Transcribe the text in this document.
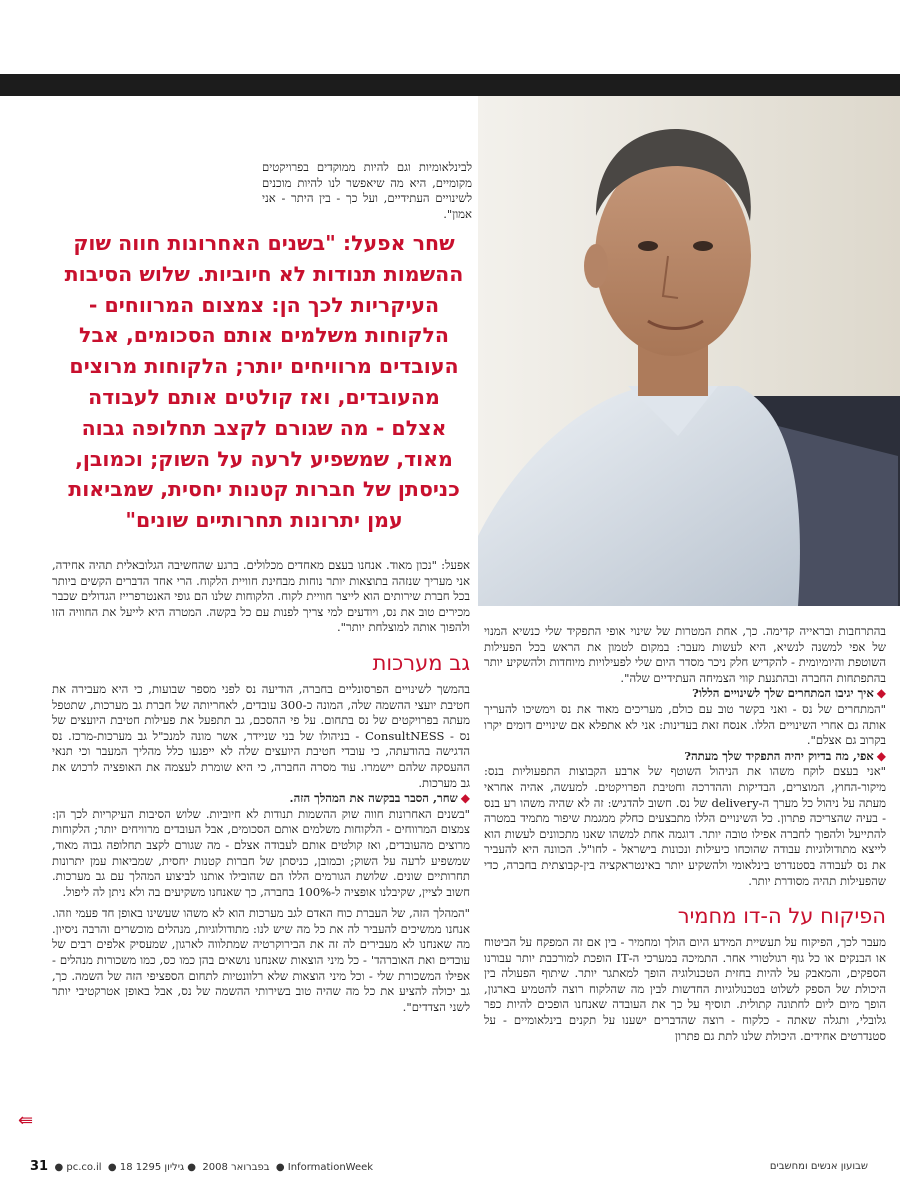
לבינלאומיות וגם להיות ממוקדים בפרויקטים מקומיים, היא מה שיאפשר לנו להיות מוכנים לשינויים העתידיים, ועל כך - בין היתר - אני אמון".

שחר אפעל: "בשנים האחרונות חווה שוק ההשמות תנודות לא חיוביות. שלוש הסיבות העיקריות לכך הן: צמצום המרווחים - הלקוחות משלמים אותם הסכומים, אבל העובדים מרוויחים יותר; הלקוחות מרוצים מהעובדים, ואז קולטים אותם לעבודה אצלם - מה שגורם לקצב תחלופה גבוה מאוד, שמשפיע לרעה על השוק; וכמובן, כניסתן של חברות קטנות יחסית, שמביאות עמן יתרונות תחרותיים שונים"

אפעל: "נכון מאוד. אנחנו בעצם מאחדים מכלולים. ברגע שהחשיבה הגלובאלית תהיה אחידה, אני מעריך שנזהה בתוצאות יותר נוחות מבחינת חוויית הלקוח. הרי אחד הדברים הקשים ביותר בכל חברת שירותים הוא לייצר חוויית לקוח. הלקוחות שלנו הם גופי האנטרפרייז הגדולים שכבר מכירים טוב את נס, ויודעים למי צריך לפנות עם כל בקשה. המטרה היא לייעל את החוויה הזו ולהפוך אותה למוצלחת יותר".

גב מערכות

בהמשך לשינויים הפרסונליים בחברה, הודיעה נס לפני מספר שבועות, כי היא מעבירה את חטיבת יועצי ההשמה שלה, המונה כ-300 עובדים, לאחריותה של חברת גב מערכות, שתטפל מעתה בפרויקטים של נס בתחום. על פי ההסכם, גב תתפעל את פעילות חטיבת היועצים של נס - ConsultNESS - בניהולו של בני שניידר, אשר מונה למנכ"ל גב מערכות-מרכז. נס הדגישה בהודעתה, כי עובדי חטיבת היועצים שלה לא ייפגעו כלל מהליך המעבר וכי תנאי ההעסקה שלהם יישמרו. עוד מסרה החברה, כי היא שומרת לעצמה את האופציה לרכוש את גב מערכות.

◆שחר, הסבר בבקשה את המהלך הזה.

"בשנים האחרונות חווה שוק ההשמות תנודות לא חיוביות. שלוש הסיבות העיקריות לכך הן: צמצום המרווחים - הלקוחות משלמים אותם הסכומים, אבל העובדים מרוויחים יותר; הלקוחות מרוצים מהעובדים, ואז קולטים אותם לעבודה אצלם - מה שגורם לקצב תחלופה גבוה מאוד, שמשפיע לרעה על השוק; וכמובן, כניסתן של חברות קטנות יחסית, שמביאות עמן יתרונות תחרותיים שונים. שלושת הגורמים הללו הם שהובילו אותנו לביצוע המהלך עם גב מערכות. חשוב לציין, שקיבלנו אופציה ל-100% בחברה, כך שאנחנו משקיעים בה ולא ניתן לה ליפול.

"המהלך הזה, של העברת כוח האדם לגב מערכות הוא לא משהו שעשינו באופן חד פעמי וזהו. אנחנו ממשיכים להעביר לה את כל מה שיש לנו: מתודולוגיות, מנהלים מוכשרים והרבה ניסיון. מה שאנחנו לא מעבירים לה זה את הבירוקרטיה שמתלווה לארגון, שמעסיק אלפים רבים של עובדים ואת האוברהד' - כל מיני הוצאות שאנחנו נושאים בהן כמו כס, כמו משכורות מנהלים - אפילו המשכורת שלי - וכל מיני הוצאות שלא רלוונטיות לתחום הספציפי הזה של השמה. כך, גב יכולה להציע את כל מה שהיה טוב בשירותי ההשמה של נס, אבל באופן אטרקטיבי יותר לשני הצדדים".

בהתרחבות ובראייה קדימה. כך, אחת המטרות של שינוי אופי התפקיד שלי כנשיא המנוי של אפי למשנה לנשיא, היא לעשות מעבר: במקום לטמון את הראש בכל הפעילות השוטפת והיומיומית - להקדיש חלק ניכר מסדר היום שלי לפעילויות מיוחדות ולהשקיע יותר בהתפתחות החברה ובהתנעת קווי הצמיחה העתידיים שלה".

◆איך יגיבו המתחרים שלך לשינויים הללו?

"המתחרים של נס - ואני בקשר טוב עם כולם, מעריכים מאוד את נס וימשיכו להעריך אותה גם אחרי השינויים הללו. אנסח זאת בעדינות: אני לא אתפלא אם שינויים דומים יקרו בקרוב גם אצלם".

◆אפי, מה בדיוק יהיה התפקיד שלך מעתה?

"אני בעצם לוקח משהו את הניהול השוטף של ארבע הקבוצות התפעוליות בנס: מיקור-החוץ, המוצרים, הבדיקות וההדרכה וחטיבת הפרויקטים. למעשה, אהיה אחראי מעתה על ניהול כל מערך ה-delivery של נס. חשוב להדגיש: זה לא שהיה משהו רע בנס - בעיה שהצריכה פתרון. כל השינויים הללו מתבצעים כחלק ממגמת שיפור מתמיד במטרה להתייעל ולהפוך לחברה אפילו טובה יותר. דוגמה אחת למשהו שאנו מתכוונים לעשות הוא לייצא מתודולוגיות עבודה שהוכחו כיעילות ונכונות בישראל - לחו"ל. הכוונה היא להעביר את נס לעבודה בסטנדרט בינלאומי ולהשקיע יותר באינטראקציה בין-קבוצתית בחברה, כדי שהפעילות תהיה מסודרת יותר.

הפיקוח על ה-דו מחמיר

מעבר לכך, הפיקוח על תעשיית המידע היום הולך ומחמיר - בין אם זה המפקח על הביטוח או הבנקים או כל גוף רגולטורי אחר. התמיכה במערכי ה-IT הופכת למורכבת יותר עבורנו הספקים, והמאבק על להיות בחזית הטכנולוגיה הופך למאתגר יותר. שיתוף הפעולה בין היכולת של הספק לשלוט בטכנולוגיות החדשות לבין מה שהלקוח רוצה להטמיע בארגון, הופך מיום ליום לחתונה קתולית. תוסיף על כך את העובדה שאנחנו הופכים להיות כפר גלובלי, ותגלה שאתה - כלקוח - רוצה שהדברים ישענו על תקנים בינלאומיים - על סטנדרטים אחידים. היכולת שלנו לתת גם פתרון

⇚
31  ● pc.co.il  ● 18 בפברואר 2008  ● גיליון 1295	● InformationWeek	שבועון אנשים ומחשבים
